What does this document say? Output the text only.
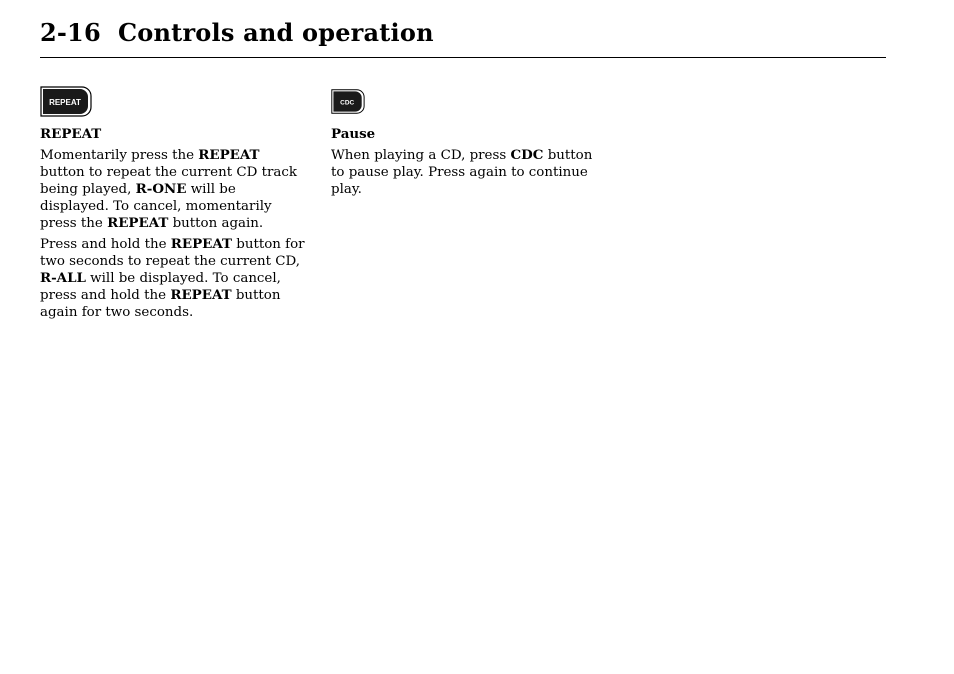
2-16 Controls and operation
REPEAT
REPEAT

Momentarily press the REPEAT button to repeat the current CD track being played, R-ONE will be displayed. To cancel, momentarily press the REPEAT button again.

Press and hold the REPEAT button for two seconds to repeat the current CD, R-ALL will be displayed. To cancel, press and hold the REPEAT button again for two seconds.

CDC
Pause

When playing a CD, press CDC button to pause play. Press again to continue play.
